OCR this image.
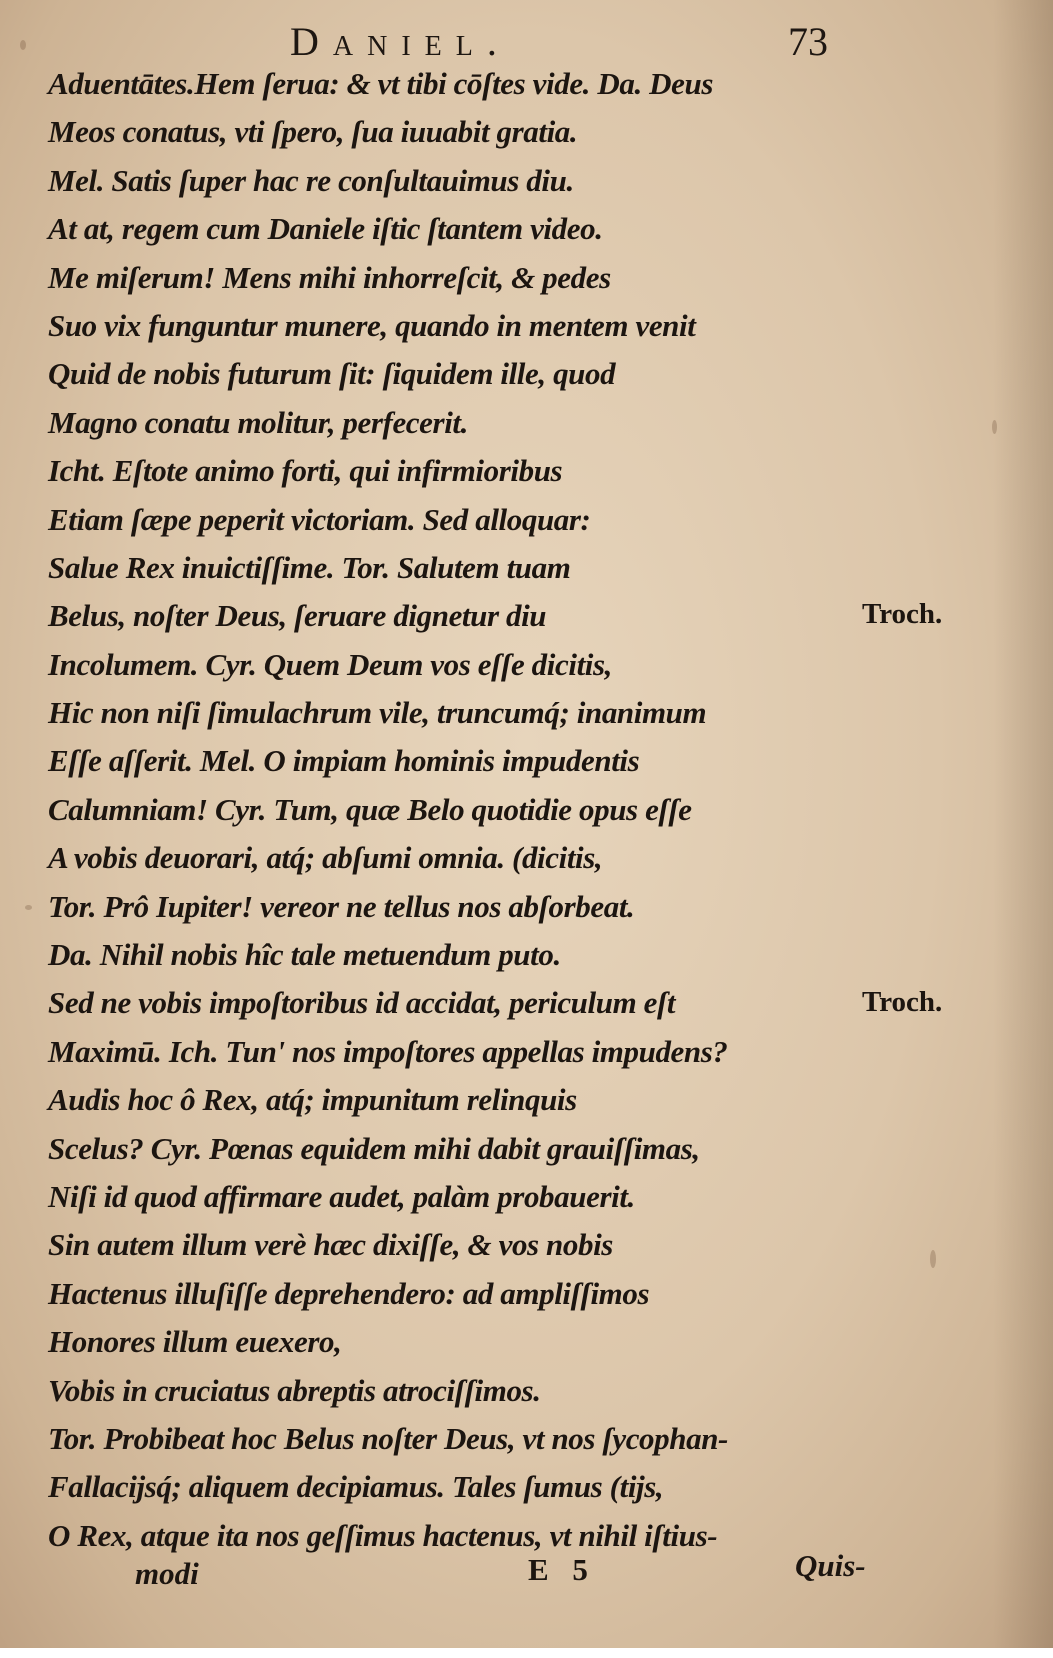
Daniel.	73
Aduentātes.Hem ſerua: & vt tibi cōſtes vide. Da. Deus
Meos conatus, vti ſpero, ſua iuuabit gratia.
Mel. Satis ſuper hac re conſultauimus diu.
At at, regem cum Daniele iſtic ſtantem video.
Me miſerum! Mens mihi inhorreſcit, & pedes
Suo vix funguntur munere, quando in mentem venit
Quid de nobis futurum ſit: ſiquidem ille, quod
Magno conatu molitur, perfecerit.
Icht. Eſtote animo forti, qui infirmioribus
Etiam ſæpe peperit victoriam. Sed alloquar:
Salue Rex inuictiſſime. Tor. Salutem tuam
Belus, noſter Deus, ſeruare dignetur diu
Incolumem. Cyr. Quem Deum vos eſſe dicitis,
Hic non niſi ſimulachrum vile, truncumq́; inanimum
Eſſe aſſerit. Mel. O impiam hominis impudentis
Calumniam! Cyr. Tum, quæ Belo quotidie opus eſſe
A vobis deuorari, atq́; abſumi omnia. (dicitis,
Tor. Prô Iupiter! vereor ne tellus nos abſorbeat.
Da. Nihil nobis hîc tale metuendum puto.
Sed ne vobis impoſtoribus id accidat, periculum eſt
Maximū. Ich. Tun' nos impoſtores appellas impudens?
Audis hoc ô Rex, atq́; impunitum relinquis
Scelus? Cyr. Pœnas equidem mihi dabit grauiſſimas,
Niſi id quod affirmare audet, palàm probauerit.
Sin autem illum verè hæc dixiſſe, & vos nobis
Hactenus illuſiſſe deprehendero: ad ampliſſimos
Honores illum euexero,
Vobis in cruciatus abreptis atrociſſimos.
Tor. Probibeat hoc Belus noſter Deus, vt nos ſycophan-
Fallacijsq́; aliquem decipiamus. Tales ſumus (tijs,
O Rex, atque ita nos geſſimus hactenus, vt nihil iſtius-
Troch.
Troch.
modi	E 5	Quis-
